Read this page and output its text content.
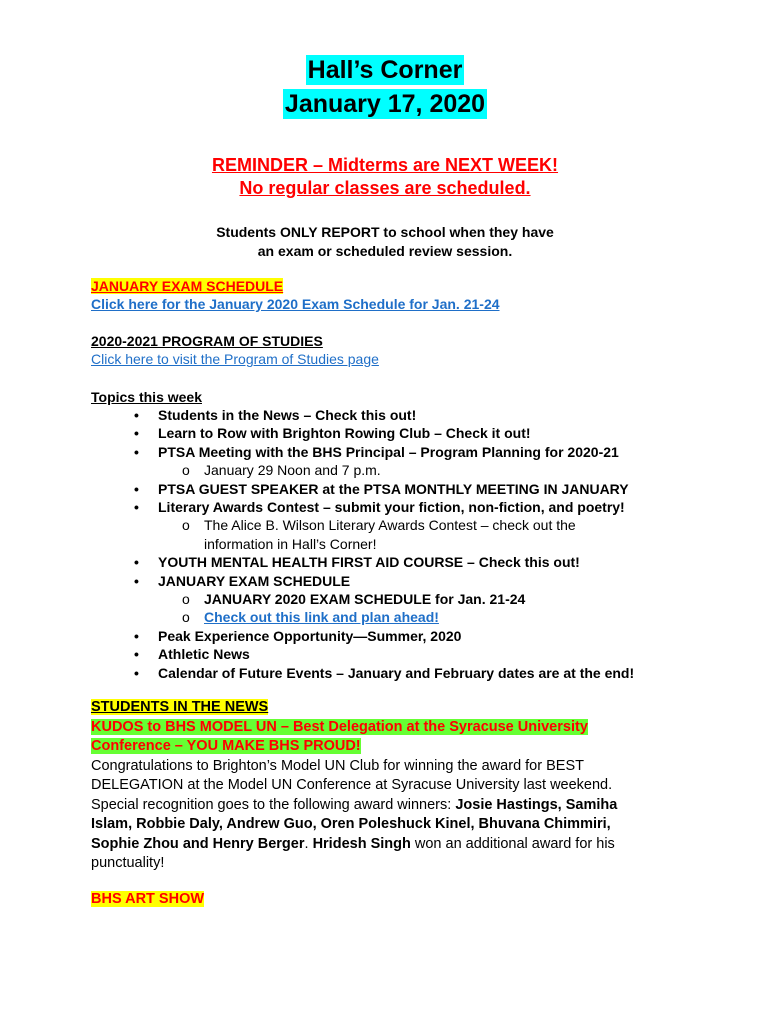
Hall’s Corner
January 17, 2020
REMINDER – Midterms are NEXT WEEK!
No regular classes are scheduled.
Students ONLY REPORT to school when they have
an exam or scheduled review session.
JANUARY EXAM SCHEDULE
Click here for the January 2020 Exam Schedule for Jan. 21-24
2020-2021 PROGRAM OF STUDIES
Click here to visit the Program of Studies page
Topics this week
• Students in the News – Check this out!
• Learn to Row with Brighton Rowing Club – Check it out!
• PTSA Meeting with the BHS Principal – Program Planning for 2020-21
o January 29 Noon and 7 p.m.
• PTSA GUEST SPEAKER at the PTSA MONTHLY MEETING IN JANUARY
• Literary Awards Contest – submit your fiction, non-fiction, and poetry!
o The Alice B. Wilson Literary Awards Contest – check out the information in Hall’s Corner!
• YOUTH MENTAL HEALTH FIRST AID COURSE – Check this out!
• JANUARY EXAM SCHEDULE
o JANUARY 2020 EXAM SCHEDULE for Jan. 21-24
o Check out this link and plan ahead!
• Peak Experience Opportunity—Summer, 2020
• Athletic News
• Calendar of Future Events – January and February dates are at the end!
STUDENTS IN THE NEWS
KUDOS to BHS MODEL UN – Best Delegation at the Syracuse University
Conference – YOU MAKE BHS PROUD!
Congratulations to Brighton’s Model UN Club for winning the award for BEST DELEGATION at the Model UN Conference at Syracuse University last weekend. Special recognition goes to the following award winners: Josie Hastings, Samiha Islam, Robbie Daly, Andrew Guo, Oren Poleshuck Kinel, Bhuvana Chimmiri, Sophie Zhou and Henry Berger. Hridesh Singh won an additional award for his punctuality!
BHS ART SHOW
